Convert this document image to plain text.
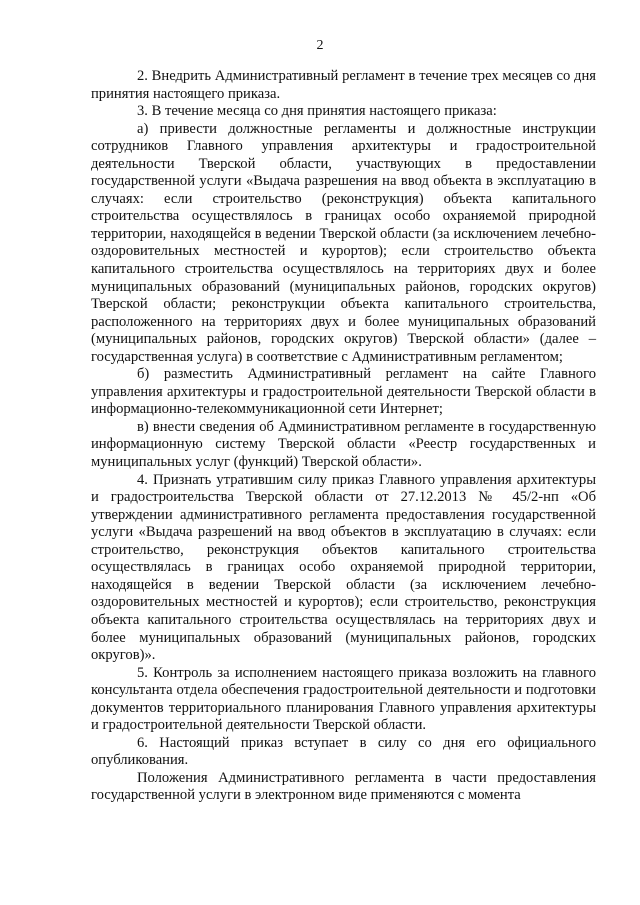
2

2. Внедрить Административный регламент в течение трех месяцев со дня принятия настоящего приказа.

3. В течение месяца со дня принятия настоящего приказа:

а) привести должностные регламенты и должностные инструкции сотрудников Главного управления архитектуры и градостроительной деятельности Тверской области, участвующих в предоставлении государственной услуги «Выдача разрешения на ввод объекта в эксплуатацию в случаях: если строительство (реконструкция) объекта капитального строительства осуществлялось в границах особо охраняемой природной территории, находящейся в ведении Тверской области (за исключением лечебно-оздоровительных местностей и курортов); если строительство объекта капитального строительства осуществлялось на территориях двух и более муниципальных образований (муниципальных районов, городских округов) Тверской области; реконструкции объекта капитального строительства, расположенного на территориях двух и более муниципальных образований (муниципальных районов, городских округов) Тверской области» (далее – государственная услуга) в соответствие с Административным регламентом;

б) разместить Административный регламент на сайте Главного управления архитектуры и градостроительной деятельности Тверской области в информационно-телекоммуникационной сети Интернет;

в) внести сведения об Административном регламенте в государственную информационную систему Тверской области «Реестр государственных и муниципальных услуг (функций) Тверской области».

4. Признать утратившим силу приказ Главного управления архитектуры и градостроительства Тверской области от 27.12.2013 № 45/2-нп «Об утверждении административного регламента предоставления государственной услуги «Выдача разрешений на ввод объектов в эксплуатацию в случаях: если строительство, реконструкция объектов капитального строительства осуществлялась в границах особо охраняемой природной территории, находящейся в ведении Тверской области (за исключением лечебно-оздоровительных местностей и курортов); если строительство, реконструкция объекта капитального строительства осуществлялась на территориях двух и более муниципальных образований (муниципальных районов, городских округов)».

5. Контроль за исполнением настоящего приказа возложить на главного консультанта отдела обеспечения градостроительной деятельности и подготовки документов территориального планирования Главного управления архитектуры и градостроительной деятельности Тверской области.

6. Настоящий приказ вступает в силу со дня его официального опубликования.

Положения Административного регламента в части предоставления государственной услуги в электронном виде применяются с момента
